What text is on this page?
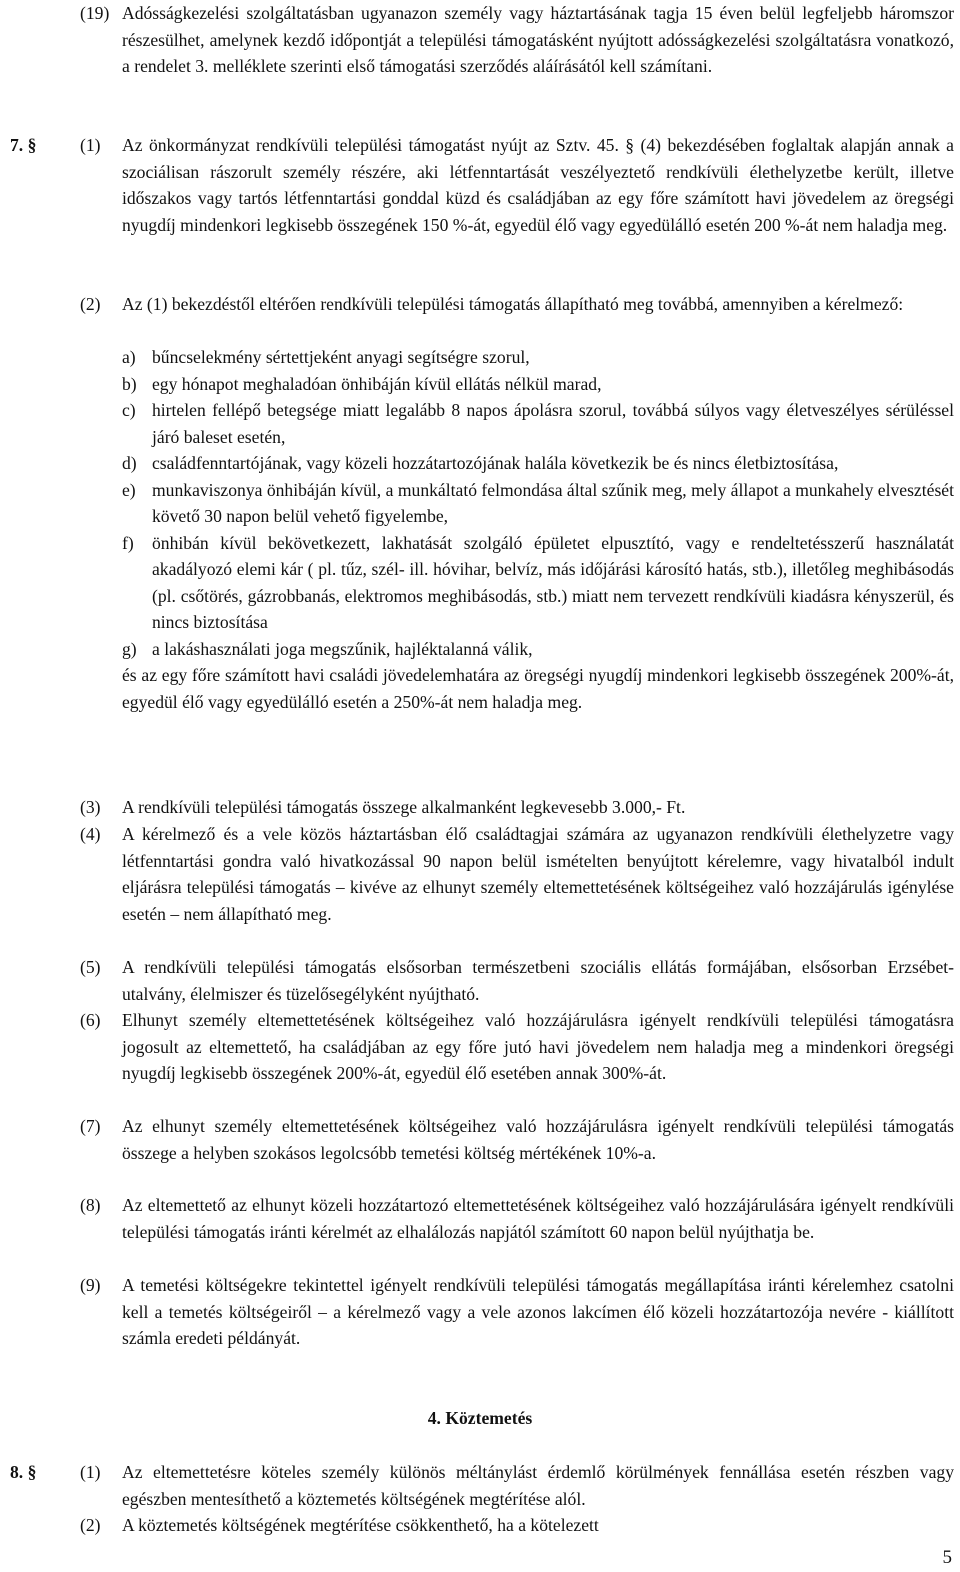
(19) Adósságkezelési szolgáltatásban ugyanazon személy vagy háztartásának tagja 15 éven belül legfeljebb háromszor részesülhet, amelynek kezdő időpontját a települési támogatásként nyújtott adósságkezelési szolgáltatásra vonatkozó, a rendelet 3. melléklete szerinti első támogatási szerződés aláírásától kell számítani.
7. § (1) Az önkormányzat rendkívüli települési támogatást nyújt az Sztv. 45. § (4) bekezdésében foglaltak alapján annak a szociálisan rászorult személy részére, aki létfenntartását veszélyeztető rendkívüli élethelyzetbe került, illetve időszakos vagy tartós létfenntartási gonddal küzd és családjában az egy főre számított havi jövedelem az öregségi nyugdíj mindenkori legkisebb összegének 150 %-át, egyedül élő vagy egyedülálló esetén 200 %-át nem haladja meg.
(2) Az (1) bekezdéstől eltérően rendkívüli települési támogatás állapítható meg továbbá, amennyiben a kérelmező:
a) bűncselekmény sértettjeként anyagi segítségre szorul,
b) egy hónapot meghaladóan önhibáján kívül ellátás nélkül marad,
c) hirtelen fellépő betegsége miatt legalább 8 napos ápolásra szorul, továbbá súlyos vagy életveszélyes sérüléssel járó baleset esetén,
d) családfenntartójának, vagy közeli hozzátartozójának halála következik be és nincs életbiztosítása,
e) munkaviszonya önhibáján kívül, a munkáltató felmondása által szűnik meg, mely állapot a munkahely elvesztését követő 30 napon belül vehető figyelembe,
f) önhibán kívül bekövetkezett, lakhatását szolgáló épületet elpusztító, vagy e rendeltetésszerű használatát akadályozó elemi kár ( pl. tűz, szél- ill. hóvihar, belvíz, más időjárási károsító hatás, stb.), illetőleg meghibásodás (pl. csőtörés, gázrobbanás, elektromos meghibásodás, stb.) miatt nem tervezett rendkívüli kiadásra kényszerül, és nincs biztosítása
g) a lakáshasználati joga megszűnik, hajléktalanná válik,
és az egy főre számított havi családi jövedelemhatára az öregségi nyugdíj mindenkori legkisebb összegének 200%-át, egyedül élő vagy egyedülálló esetén a 250%-át nem haladja meg.
(3) A rendkívüli települési támogatás összege alkalmanként legkevesebb 3.000,- Ft.
(4) A kérelmező és a vele közös háztartásban élő családtagjai számára az ugyanazon rendkívüli élethelyzetre vagy létfenntartási gondra való hivatkozással 90 napon belül ismételten benyújtott kérelemre, vagy hivatalból indult eljárásra települési támogatás – kivéve az elhunyt személy eltemettetésének költségeihez való hozzájárulás igénylése esetén – nem állapítható meg.
(5) A rendkívüli települési támogatás elsősorban természetbeni szociális ellátás formájában, elsősorban Erzsébet-utalvány, élelmiszer és tüzelősegélyként nyújtható.
(6) Elhunyt személy eltemettetésének költségeihez való hozzájárulásra igényelt rendkívüli települési támogatásra jogosult az eltemettető, ha családjában az egy főre jutó havi jövedelem nem haladja meg a mindenkori öregségi nyugdíj legkisebb összegének 200%-át, egyedül élő esetében annak 300%-át.
(7) Az elhunyt személy eltemettetésének költségeihez való hozzájárulásra igényelt rendkívüli települési támogatás összege a helyben szokásos legolcsóbb temetési költség mértékének 10%-a.
(8) Az eltemettető az elhunyt közeli hozzátartozó eltemettetésének költségeihez való hozzájárulására igényelt rendkívüli települési támogatás iránti kérelmét az elhalálozás napjától számított 60 napon belül nyújthatja be.
(9) A temetési költségekre tekintettel igényelt rendkívüli települési támogatás megállapítása iránti kérelemhez csatolni kell a temetés költségeiről – a kérelmező vagy a vele azonos lakcímen élő közeli hozzátartozója nevére - kiállított számla eredeti példányát.
4. Köztemetés
8. § (1) Az eltemettetésre köteles személy különös méltánylást érdemlő körülmények fennállása esetén részben vagy egészben mentesíthető a köztemetés költségének megtérítése alól.
(2) A köztemetés költségének megtérítése csökkenthető, ha a kötelezett
5
